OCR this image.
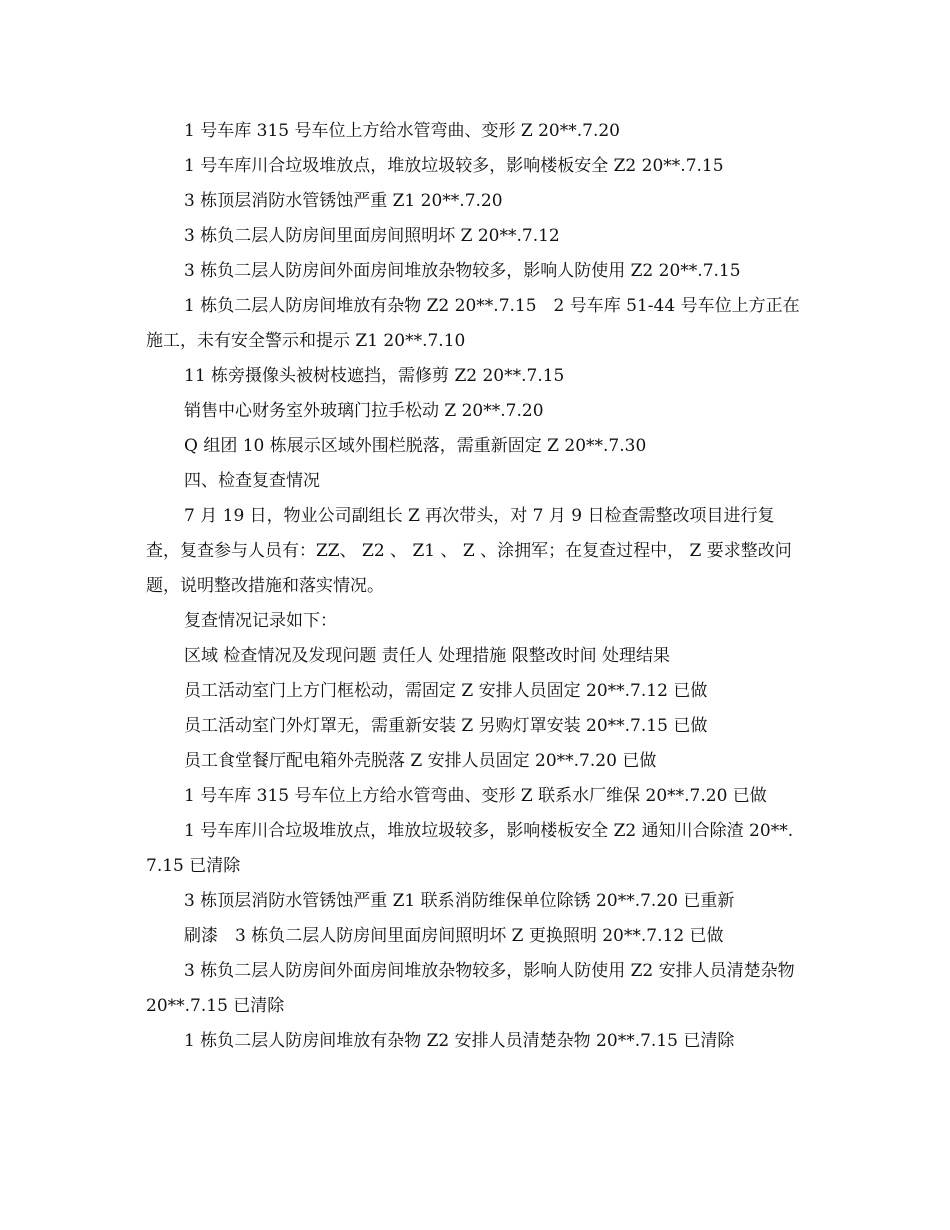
1 号车库 315 号车位上方给水管弯曲、变形 Z 20**.7.20

1 号车库川合垃圾堆放点，堆放垃圾较多，影响楼板安全 Z2 20**.7.15

3 栋顶层消防水管锈蚀严重 Z1 20**.7.20

3 栋负二层人防房间里面房间照明坏 Z 20**.7.12

3 栋负二层人防房间外面房间堆放杂物较多，影响人防使用 Z2 20**.7.15

1 栋负二层人防房间堆放有杂物 Z2 20**.7.15　2 号车库 51-44 号车位上方正在施工，未有安全警示和提示 Z1 20**.7.10

11 栋旁摄像头被树枝遮挡，需修剪 Z2 20**.7.15

销售中心财务室外玻璃门拉手松动 Z 20**.7.20

Q 组团 10 栋展示区域外围栏脱落，需重新固定 Z 20**.7.30

四、检查复查情况

7 月 19 日，物业公司副组长 Z 再次带头，对 7 月 9 日检查需整改项目进行复查，复查参与人员有：ZZ、 Z2 、 Z1 、 Z 、涂拥军；在复查过程中， Z 要求整改问题，说明整改措施和落实情况。

复查情况记录如下：

区域 检查情况及发现问题 责任人 处理措施 限整改时间 处理结果

员工活动室门上方门框松动，需固定 Z 安排人员固定 20**.7.12 已做

员工活动室门外灯罩无，需重新安装 Z 另购灯罩安装 20**.7.15 已做

员工食堂餐厅配电箱外壳脱落 Z 安排人员固定 20**.7.20 已做

1 号车库 315 号车位上方给水管弯曲、变形 Z 联系水厂维保 20**.7.20 已做

1 号车库川合垃圾堆放点，堆放垃圾较多，影响楼板安全 Z2 通知川合除渣 20**.7.15 已清除

3 栋顶层消防水管锈蚀严重 Z1 联系消防维保单位除锈 20**.7.20 已重新

刷漆　3 栋负二层人防房间里面房间照明坏 Z 更换照明 20**.7.12 已做

3 栋负二层人防房间外面房间堆放杂物较多，影响人防使用 Z2 安排人员清楚杂物 20**.7.15 已清除

1 栋负二层人防房间堆放有杂物 Z2 安排人员清楚杂物 20**.7.15 已清除
